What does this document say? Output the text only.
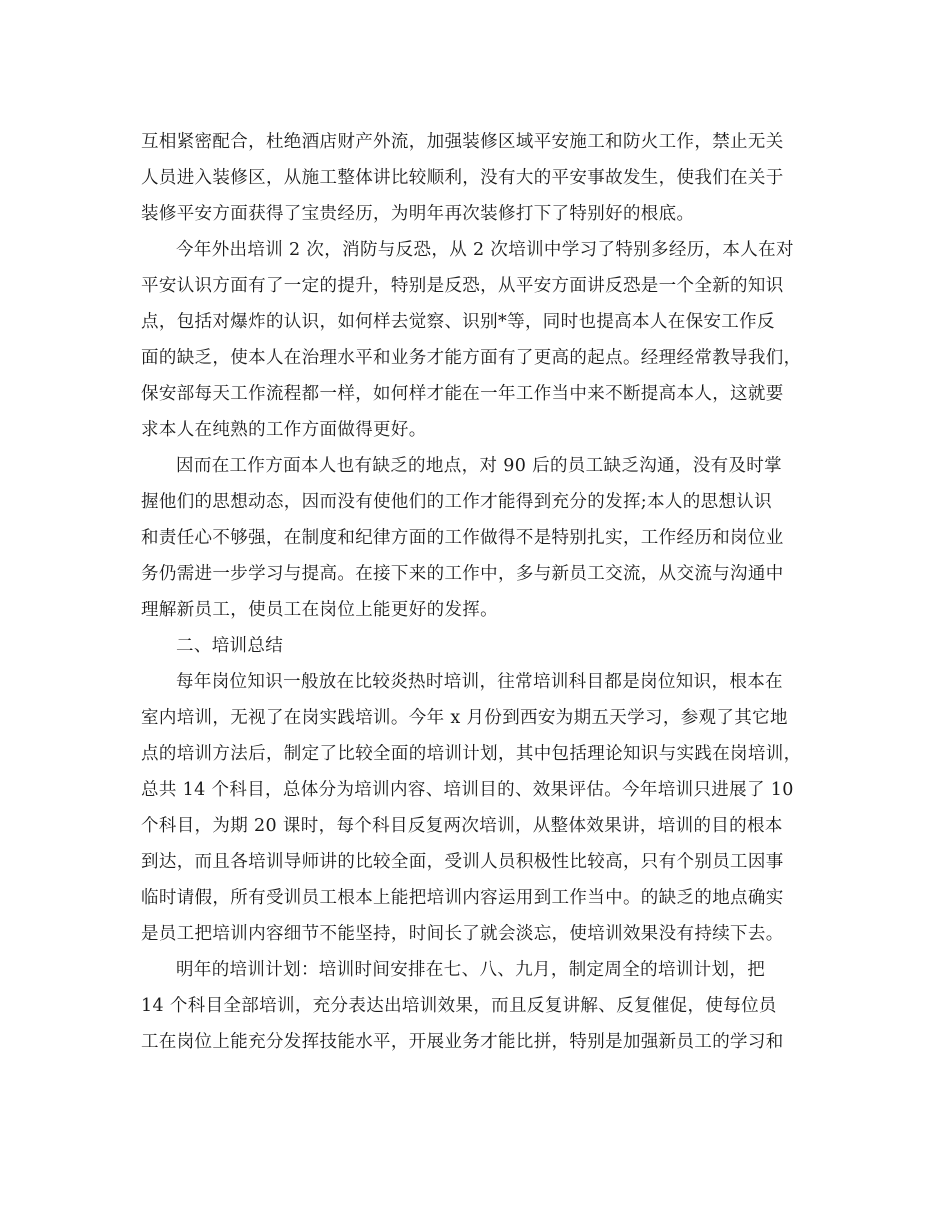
互相紧密配合，杜绝酒店财产外流，加强装修区域平安施工和防火工作，禁止无关
人员进入装修区，从施工整体讲比较顺利，没有大的平安事故发生，使我们在关于
装修平安方面获得了宝贵经历，为明年再次装修打下了特别好的根底。
今年外出培训 2 次，消防与反恐，从 2 次培训中学习了特别多经历，本人在对
平安认识方面有了一定的提升，特别是反恐，从平安方面讲反恐是一个全新的知识
点，包括对爆炸的认识，如何样去觉察、识别*等，同时也提高本人在保安工作反
面的缺乏，使本人在治理水平和业务才能方面有了更高的起点。经理经常教导我们，
保安部每天工作流程都一样，如何样才能在一年工作当中来不断提高本人，这就要
求本人在纯熟的工作方面做得更好。
因而在工作方面本人也有缺乏的地点，对 90 后的员工缺乏沟通，没有及时掌
握他们的思想动态，因而没有使他们的工作才能得到充分的发挥;本人的思想认识
和责任心不够强，在制度和纪律方面的工作做得不是特别扎实，工作经历和岗位业
务仍需进一步学习与提高。在接下来的工作中，多与新员工交流，从交流与沟通中
理解新员工，使员工在岗位上能更好的发挥。
二、培训总结
每年岗位知识一般放在比较炎热时培训，往常培训科目都是岗位知识，根本在
室内培训，无视了在岗实践培训。今年 x 月份到西安为期五天学习，参观了其它地
点的培训方法后，制定了比较全面的培训计划，其中包括理论知识与实践在岗培训，
总共 14 个科目，总体分为培训内容、培训目的、效果评估。今年培训只进展了 10
个科目，为期 20 课时，每个科目反复两次培训，从整体效果讲，培训的目的根本
到达，而且各培训导师讲的比较全面，受训人员积极性比较高，只有个别员工因事
临时请假，所有受训员工根本上能把培训内容运用到工作当中。的缺乏的地点确实
是员工把培训内容细节不能坚持，时间长了就会淡忘，使培训效果没有持续下去。
明年的培训计划：培训时间安排在七、八、九月，制定周全的培训计划，把
14 个科目全部培训，充分表达出培训效果，而且反复讲解、反复催促，使每位员
工在岗位上能充分发挥技能水平，开展业务才能比拼，特别是加强新员工的学习和
